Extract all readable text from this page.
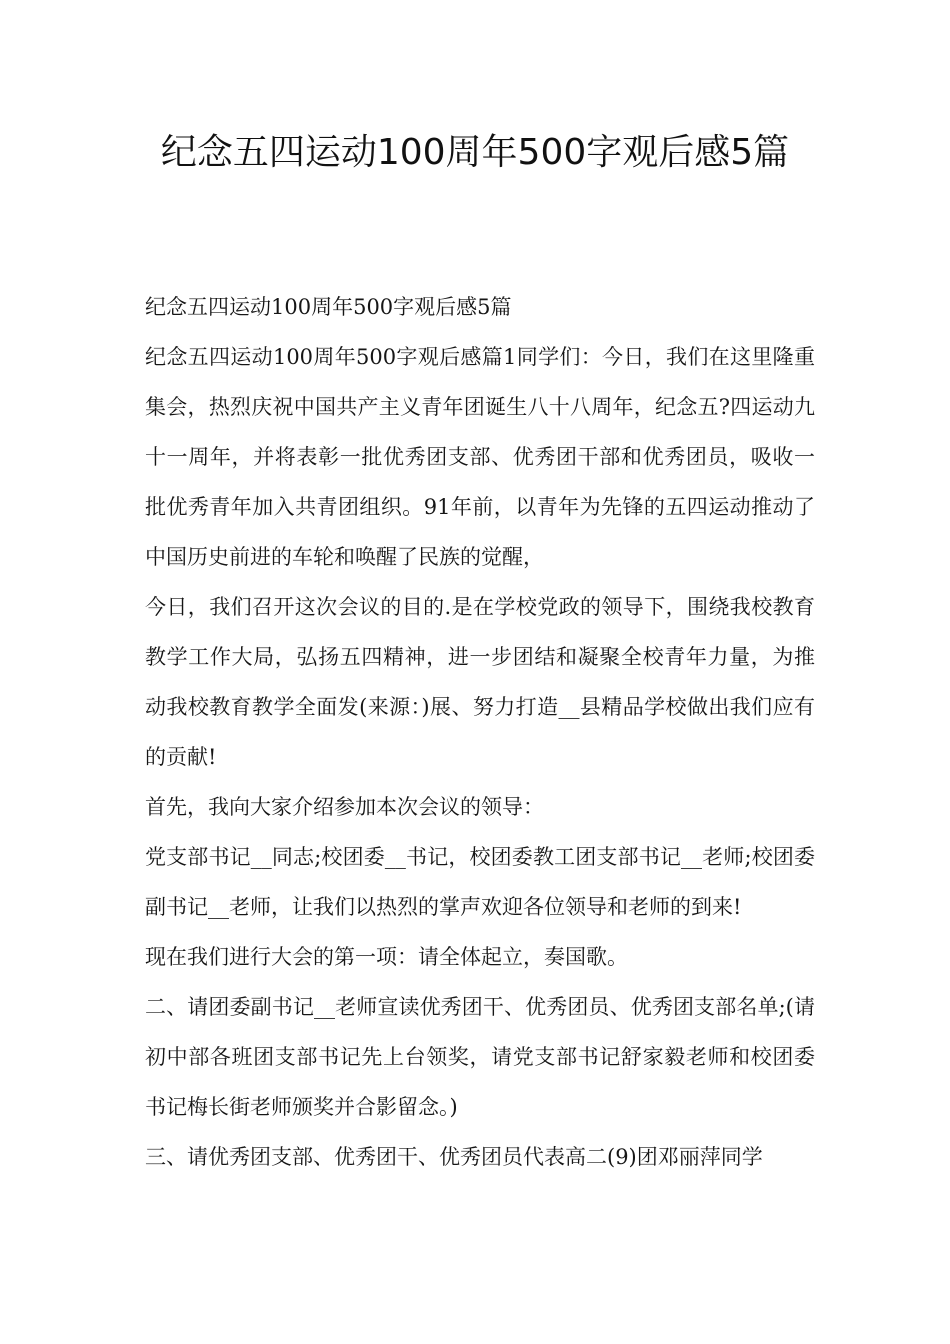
纪念五四运动100周年500字观后感5篇

纪念五四运动100周年500字观后感5篇

纪念五四运动100周年500字观后感篇1同学们：今日，我们在这里隆重集会，热烈庆祝中国共产主义青年团诞生八十八周年，纪念五?四运动九十一周年，并将表彰一批优秀团支部、优秀团干部和优秀团员，吸收一批优秀青年加入共青团组织。91年前，以青年为先锋的五四运动推动了中国历史前进的车轮和唤醒了民族的觉醒，

今日，我们召开这次会议的目的.是在学校党政的领导下，围绕我校教育教学工作大局，弘扬五四精神，进一步团结和凝聚全校青年力量，为推动我校教育教学全面发(来源：)展、努力打造__县精品学校做出我们应有的贡献!

首先，我向大家介绍参加本次会议的领导：

党支部书记__同志;校团委__书记，校团委教工团支部书记__老师;校团委副书记__老师，让我们以热烈的掌声欢迎各位领导和老师的到来!

现在我们进行大会的第一项：请全体起立，奏国歌。

二、请团委副书记__老师宣读优秀团干、优秀团员、优秀团支部名单;(请初中部各班团支部书记先上台领奖，请党支部书记舒家毅老师和校团委书记梅长街老师颁奖并合影留念。)

三、请优秀团支部、优秀团干、优秀团员代表高二(9)团邓丽萍同学
